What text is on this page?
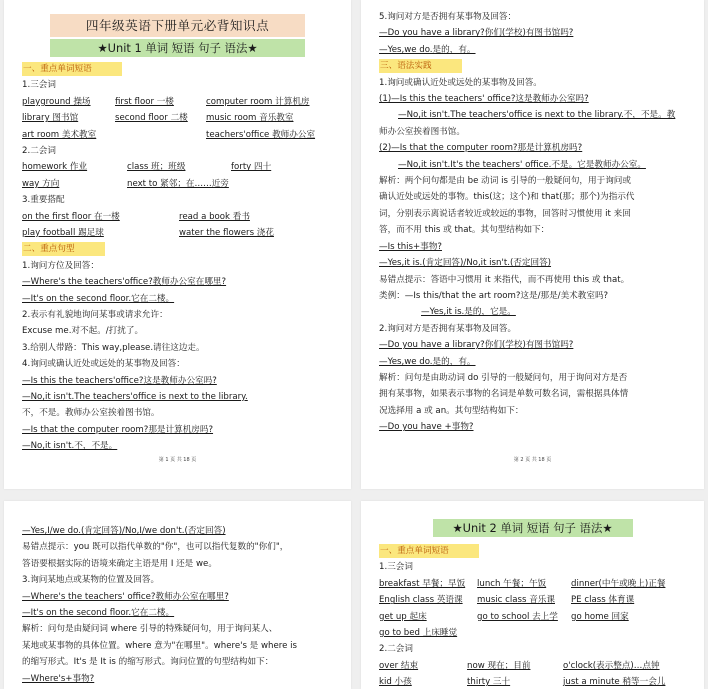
四年级英语下册单元必背知识点
★Unit 1 单词 短语 句子 语法★
一、重点单词短语
1.三会词
playground 操场	first floor 一楼	computer room 计算机房
library 图书馆	second floor 二楼 music room 音乐教室
art room 美术教室	teachers'office 教师办公室
2.二会词
homework 作业	class 班；班级	forty 四十
way 方向	next to 紧邻；在……近旁
3.重要搭配
on the first floor 在一楼	read a book 看书
play football 踢足球	water the flowers 浇花
二、重点句型
1.询问方位及回答：
—Where's the teachers'office?教师办公室在哪里?
—It's on the second floor.它在二楼。
2.表示有礼貌地询问某事或请求允许：
Excuse me.对不起。/打扰了。
3.给别人带路：This way,please.请往这边走。
4.询问或确认近处或远处的某事物及回答：
—Is this the teachers'office?这是教师办公室吗?
—No,it isn't.The teachers'office is next to the library.
不，不是。教师办公室挨着图书馆。
—Is that the computer room?那是计算机房吗?
—No,it isn't.不，不是。
第 1 页 共 18 页
5.询问对方是否拥有某事物及回答：
—Do you have a library?你们(学校)有图书馆吗?
—Yes,we do.是的，有。
三、语法实践
1.询问或确认近处或远处的某事物及回答。
(1)—Is this the teachers' office?这是教师办公室吗?
—No,it isn't.The teachers'office is next to the library.不，不是。教
师办公室挨着图书馆。
(2)—Is that the computer room?那是计算机房吗?
—No,it isn't.It's the teachers' office.不是。它是教师办公室。
解析：两个问句都是由 be 动词 is 引导的一般疑问句，用于询问或
确认近处或远处的事物。this(这；这个)和 that(那；那个)为指示代
词，分别表示离说话者较近或较远的事物，回答时习惯使用 it 来回
答，而不用 this 或 that。其句型结构如下：
—Is this+事物?
—Yes,it is.(肯定回答)/No,it isn't.(否定回答)
易错点提示：答语中习惯用 it 来指代，而不再使用 this 或 that。
类例：—Is this/that the art room?这是/那是/美术教室吗?
—Yes,it is.是的，它是。
2.询问对方是否拥有某事物及回答。
—Do you have a library?你们(学校)有图书馆吗?
—Yes,we do.是的，有。
解析：问句是由助动词 do 引导的一般疑问句，用于询问对方是否
拥有某事物，如果表示事物的名词是单数可数名词，需根据具体情
况选择用 a 或 an。其句型结构如下：
—Do you have +事物?
第 2 页 共 18 页
—Yes,I/we do.(肯定回答)/No,I/we don't.(否定回答)
易错点提示：you 既可以指代单数的"你"，也可以指代复数的"你们"，
答语要根据实际的语境来确定主语是用 I 还是 we。
3.询问某地点或某物的位置及回答。
—Where's the teachers' office?教师办公室在哪里?
—It's on the second floor.它在二楼。
解析：问句是由疑问词 where 引导的特殊疑问句，用于询问某人、
某地或某事物的具体位置。where 意为"在哪里"。where's 是 where is
的缩写形式。It's 是 It is 的缩写形式。询问位置的句型结构如下：
—Where's+事物?
★Unit 2 单词 短语 句子 语法★
一、重点单词短语
1.三会词
breakfast 早餐；早饭 lunch 午餐；午饭	dinner(中午或晚上)正餐
English class 英语课 music class 音乐课 PE class 体育课
get up 起床	go to school 去上学 go home 回家
go to bed 上床睡觉
2.二会词
over 结束	now 现在；目前	o'clock(表示整点)…点钟
kid 小孩	thirty 三十	just a minute 稍等一会儿
